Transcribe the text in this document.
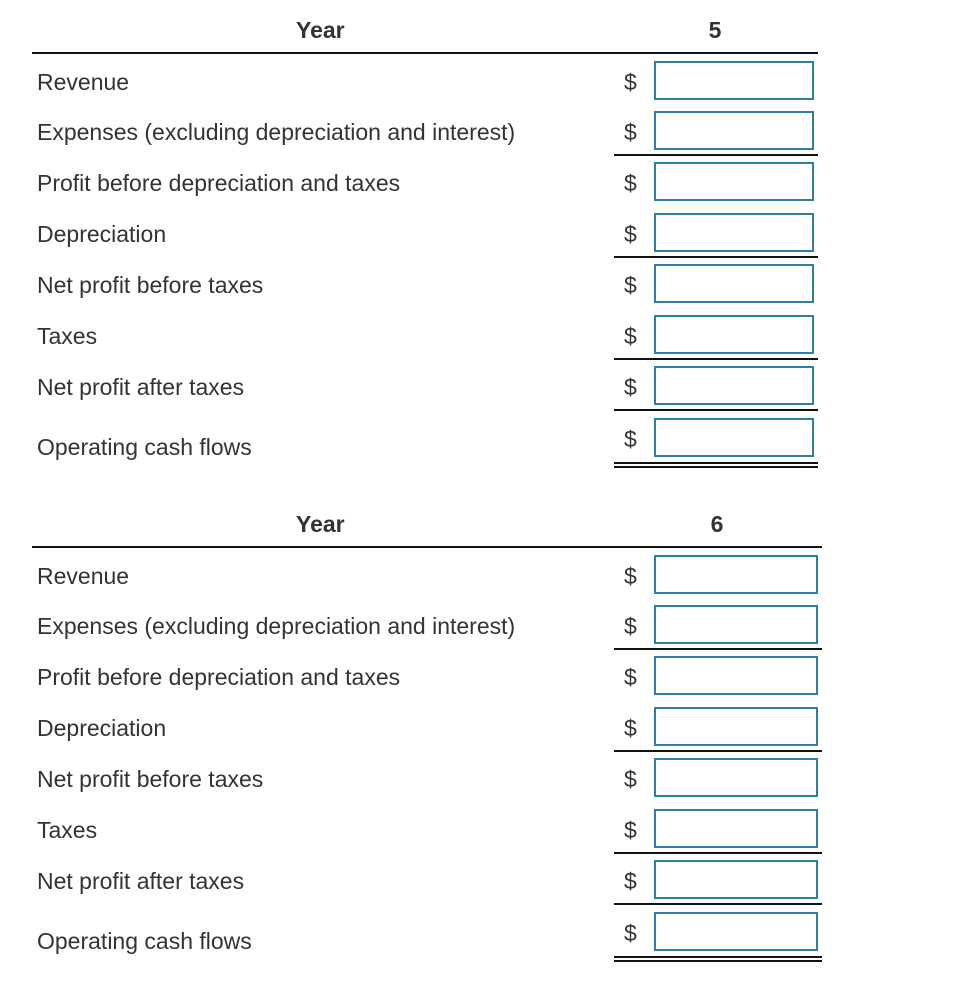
Year	5
Revenue	$
Expenses (excluding depreciation and interest)	$
Profit before depreciation and taxes	$
Depreciation	$
Net profit before taxes	$
Taxes	$
Net profit after taxes	$
Operating cash flows	$
Year	6
Revenue	$
Expenses (excluding depreciation and interest)	$
Profit before depreciation and taxes	$
Depreciation	$
Net profit before taxes	$
Taxes	$
Net profit after taxes	$
Operating cash flows	$
